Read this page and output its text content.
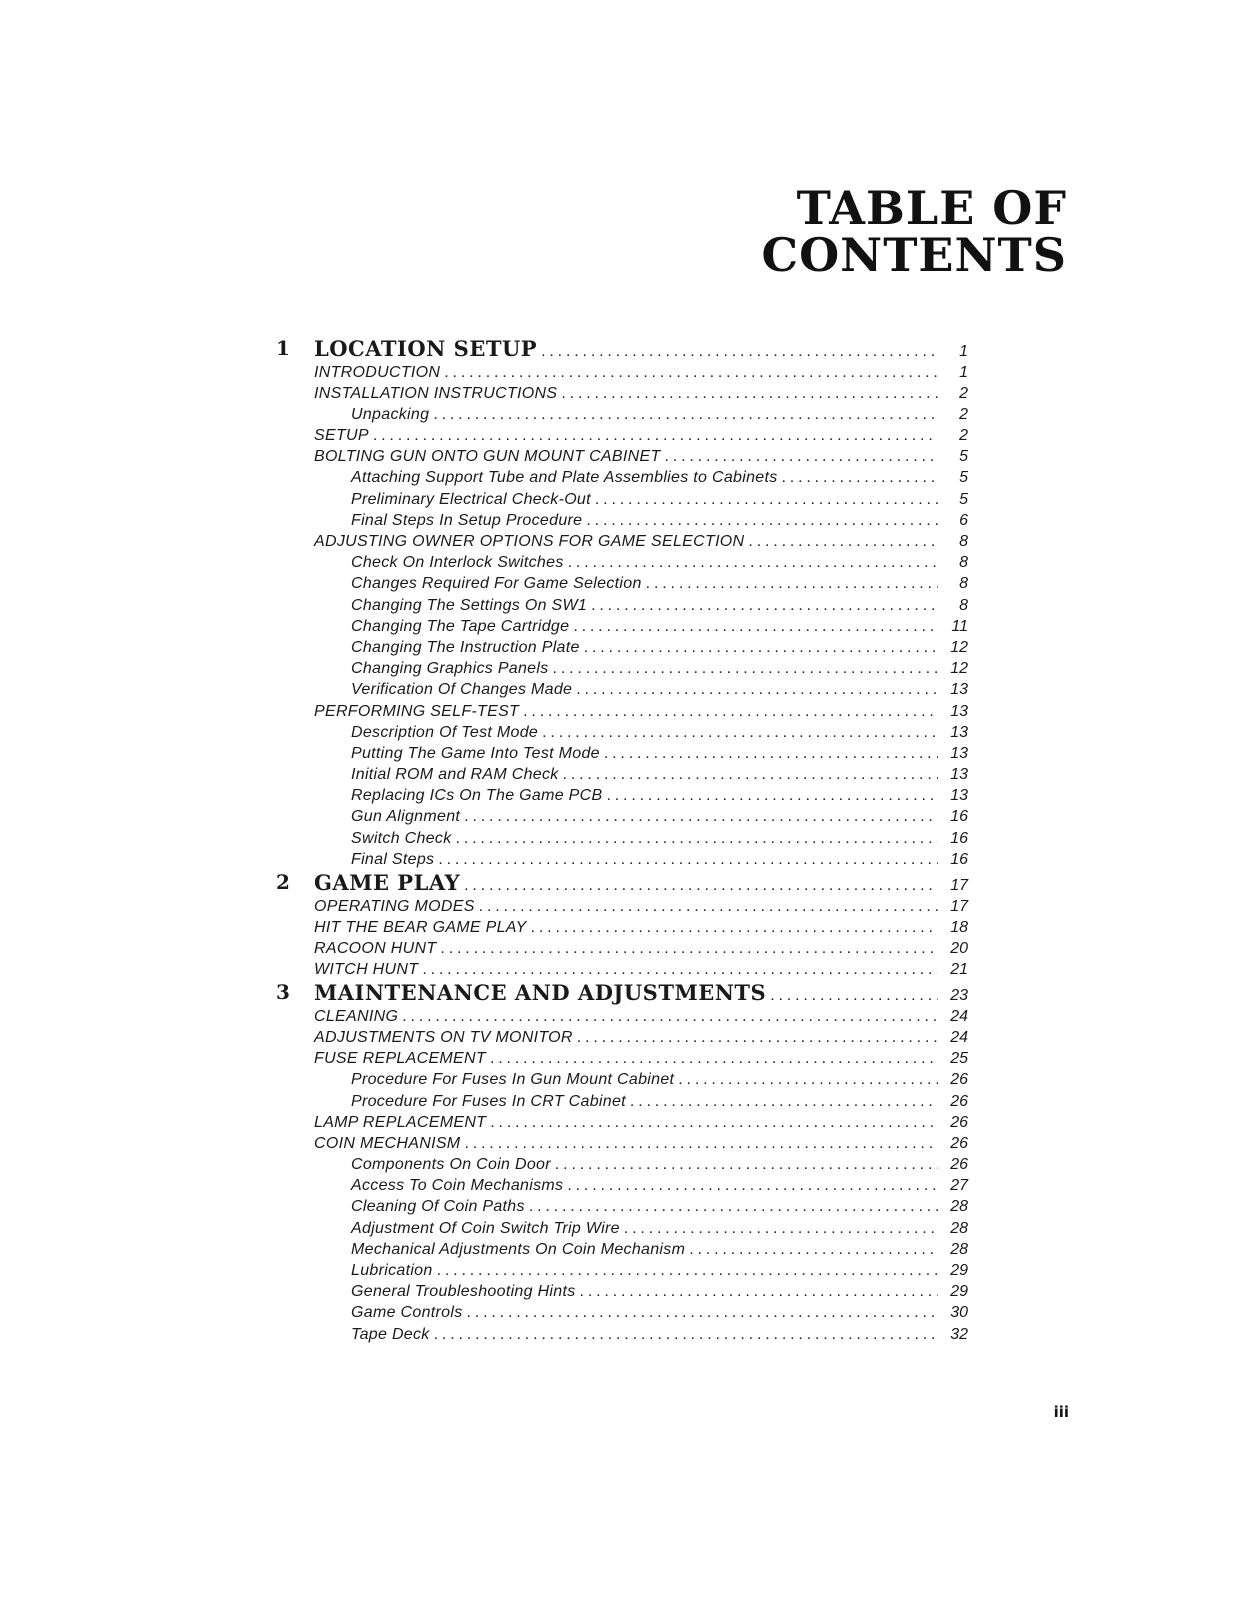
TABLE OF
CONTENTS
1 LOCATION SETUP . . .	1
INTRODUCTION . . .	1
INSTALLATION INSTRUCTIONS . . .	2
Unpacking . . .	2
SETUP . . .	2
BOLTING GUN ONTO GUN MOUNT CABINET . . .	5
Attaching Support Tube and Plate Assemblies to Cabinets . . .	5
Preliminary Electrical Check-Out . . .	5
Final Steps In Setup Procedure . . .	6
ADJUSTING OWNER OPTIONS FOR GAME SELECTION . . .	8
Check On Interlock Switches . . .	8
Changes Required For Game Selection . . .	8
Changing The Settings On SW1 . . .	8
Changing The Tape Cartridge . . .	11
Changing The Instruction Plate . . .	12
Changing Graphics Panels . . .	12
Verification Of Changes Made . . .	13
PERFORMING SELF-TEST . . .	13
Description Of Test Mode . . .	13
Putting The Game Into Test Mode . . .	13
Initial ROM and RAM Check . . .	13
Replacing ICs On The Game PCB . . .	13
Gun Alignment . . .	16
Switch Check . . .	16
Final Steps . . .	16
2 GAME PLAY . . .	17
OPERATING MODES . . .	17
HIT THE BEAR GAME PLAY . . .	18
RACOON HUNT . . .	20
WITCH HUNT . . .	21
3 MAINTENANCE AND ADJUSTMENTS . . .	23
CLEANING . . .	24
ADJUSTMENTS ON TV MONITOR . . .	24
FUSE REPLACEMENT . . .	25
Procedure For Fuses In Gun Mount Cabinet . . .	26
Procedure For Fuses In CRT Cabinet . . .	26
LAMP REPLACEMENT . . .	26
COIN MECHANISM . . .	26
Components On Coin Door . . .	26
Access To Coin Mechanisms . . .	27
Cleaning Of Coin Paths . . .	28
Adjustment Of Coin Switch Trip Wire . . .	28
Mechanical Adjustments On Coin Mechanism . . .	28
Lubrication . . .	29
General Troubleshooting Hints . . .	29
Game Controls . . .	30
Tape Deck . . .	32
iii
